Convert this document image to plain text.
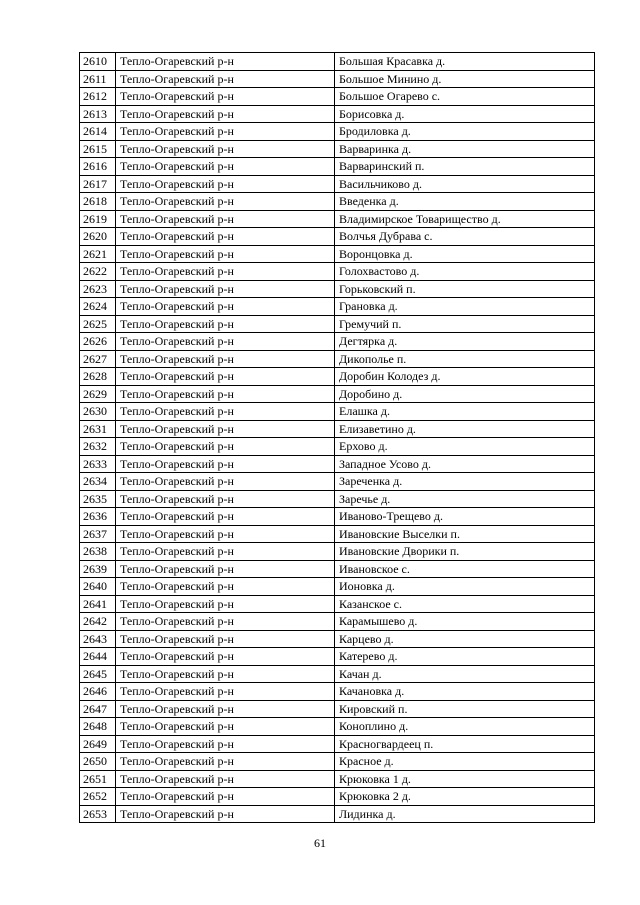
2610	Тепло-Огаревский р-н	Большая Красавка д.
2611	Тепло-Огаревский р-н	Большое Минино д.
2612	Тепло-Огаревский р-н	Большое Огарево с.
2613	Тепло-Огаревский р-н	Борисовка д.
2614	Тепло-Огаревский р-н	Бродиловка д.
2615	Тепло-Огаревский р-н	Варваринка д.
2616	Тепло-Огаревский р-н	Варваринский п.
2617	Тепло-Огаревский р-н	Васильчиково д.
2618	Тепло-Огаревский р-н	Введенка д.
2619	Тепло-Огаревский р-н	Владимирское Товарищество д.
2620	Тепло-Огаревский р-н	Волчья Дубрава с.
2621	Тепло-Огаревский р-н	Воронцовка д.
2622	Тепло-Огаревский р-н	Голохвастово д.
2623	Тепло-Огаревский р-н	Горьковский п.
2624	Тепло-Огаревский р-н	Грановка д.
2625	Тепло-Огаревский р-н	Гремучий п.
2626	Тепло-Огаревский р-н	Дегтярка д.
2627	Тепло-Огаревский р-н	Дикополье п.
2628	Тепло-Огаревский р-н	Доробин Колодез д.
2629	Тепло-Огаревский р-н	Доробино д.
2630	Тепло-Огаревский р-н	Елашка д.
2631	Тепло-Огаревский р-н	Елизаветино д.
2632	Тепло-Огаревский р-н	Ерхово д.
2633	Тепло-Огаревский р-н	Западное Усово д.
2634	Тепло-Огаревский р-н	Зареченка д.
2635	Тепло-Огаревский р-н	Заречье д.
2636	Тепло-Огаревский р-н	Иваново-Трещево д.
2637	Тепло-Огаревский р-н	Ивановские Выселки п.
2638	Тепло-Огаревский р-н	Ивановские Дворики п.
2639	Тепло-Огаревский р-н	Ивановское с.
2640	Тепло-Огаревский р-н	Ионовка д.
2641	Тепло-Огаревский р-н	Казанское с.
2642	Тепло-Огаревский р-н	Карамышево д.
2643	Тепло-Огаревский р-н	Карцево д.
2644	Тепло-Огаревский р-н	Катерево д.
2645	Тепло-Огаревский р-н	Качан д.
2646	Тепло-Огаревский р-н	Качановка д.
2647	Тепло-Огаревский р-н	Кировский п.
2648	Тепло-Огаревский р-н	Коноплино д.
2649	Тепло-Огаревский р-н	Красногвардеец п.
2650	Тепло-Огаревский р-н	Красное д.
2651	Тепло-Огаревский р-н	Крюковка 1 д.
2652	Тепло-Огаревский р-н	Крюковка 2 д.
2653	Тепло-Огаревский р-н	Лидинка д.
61
